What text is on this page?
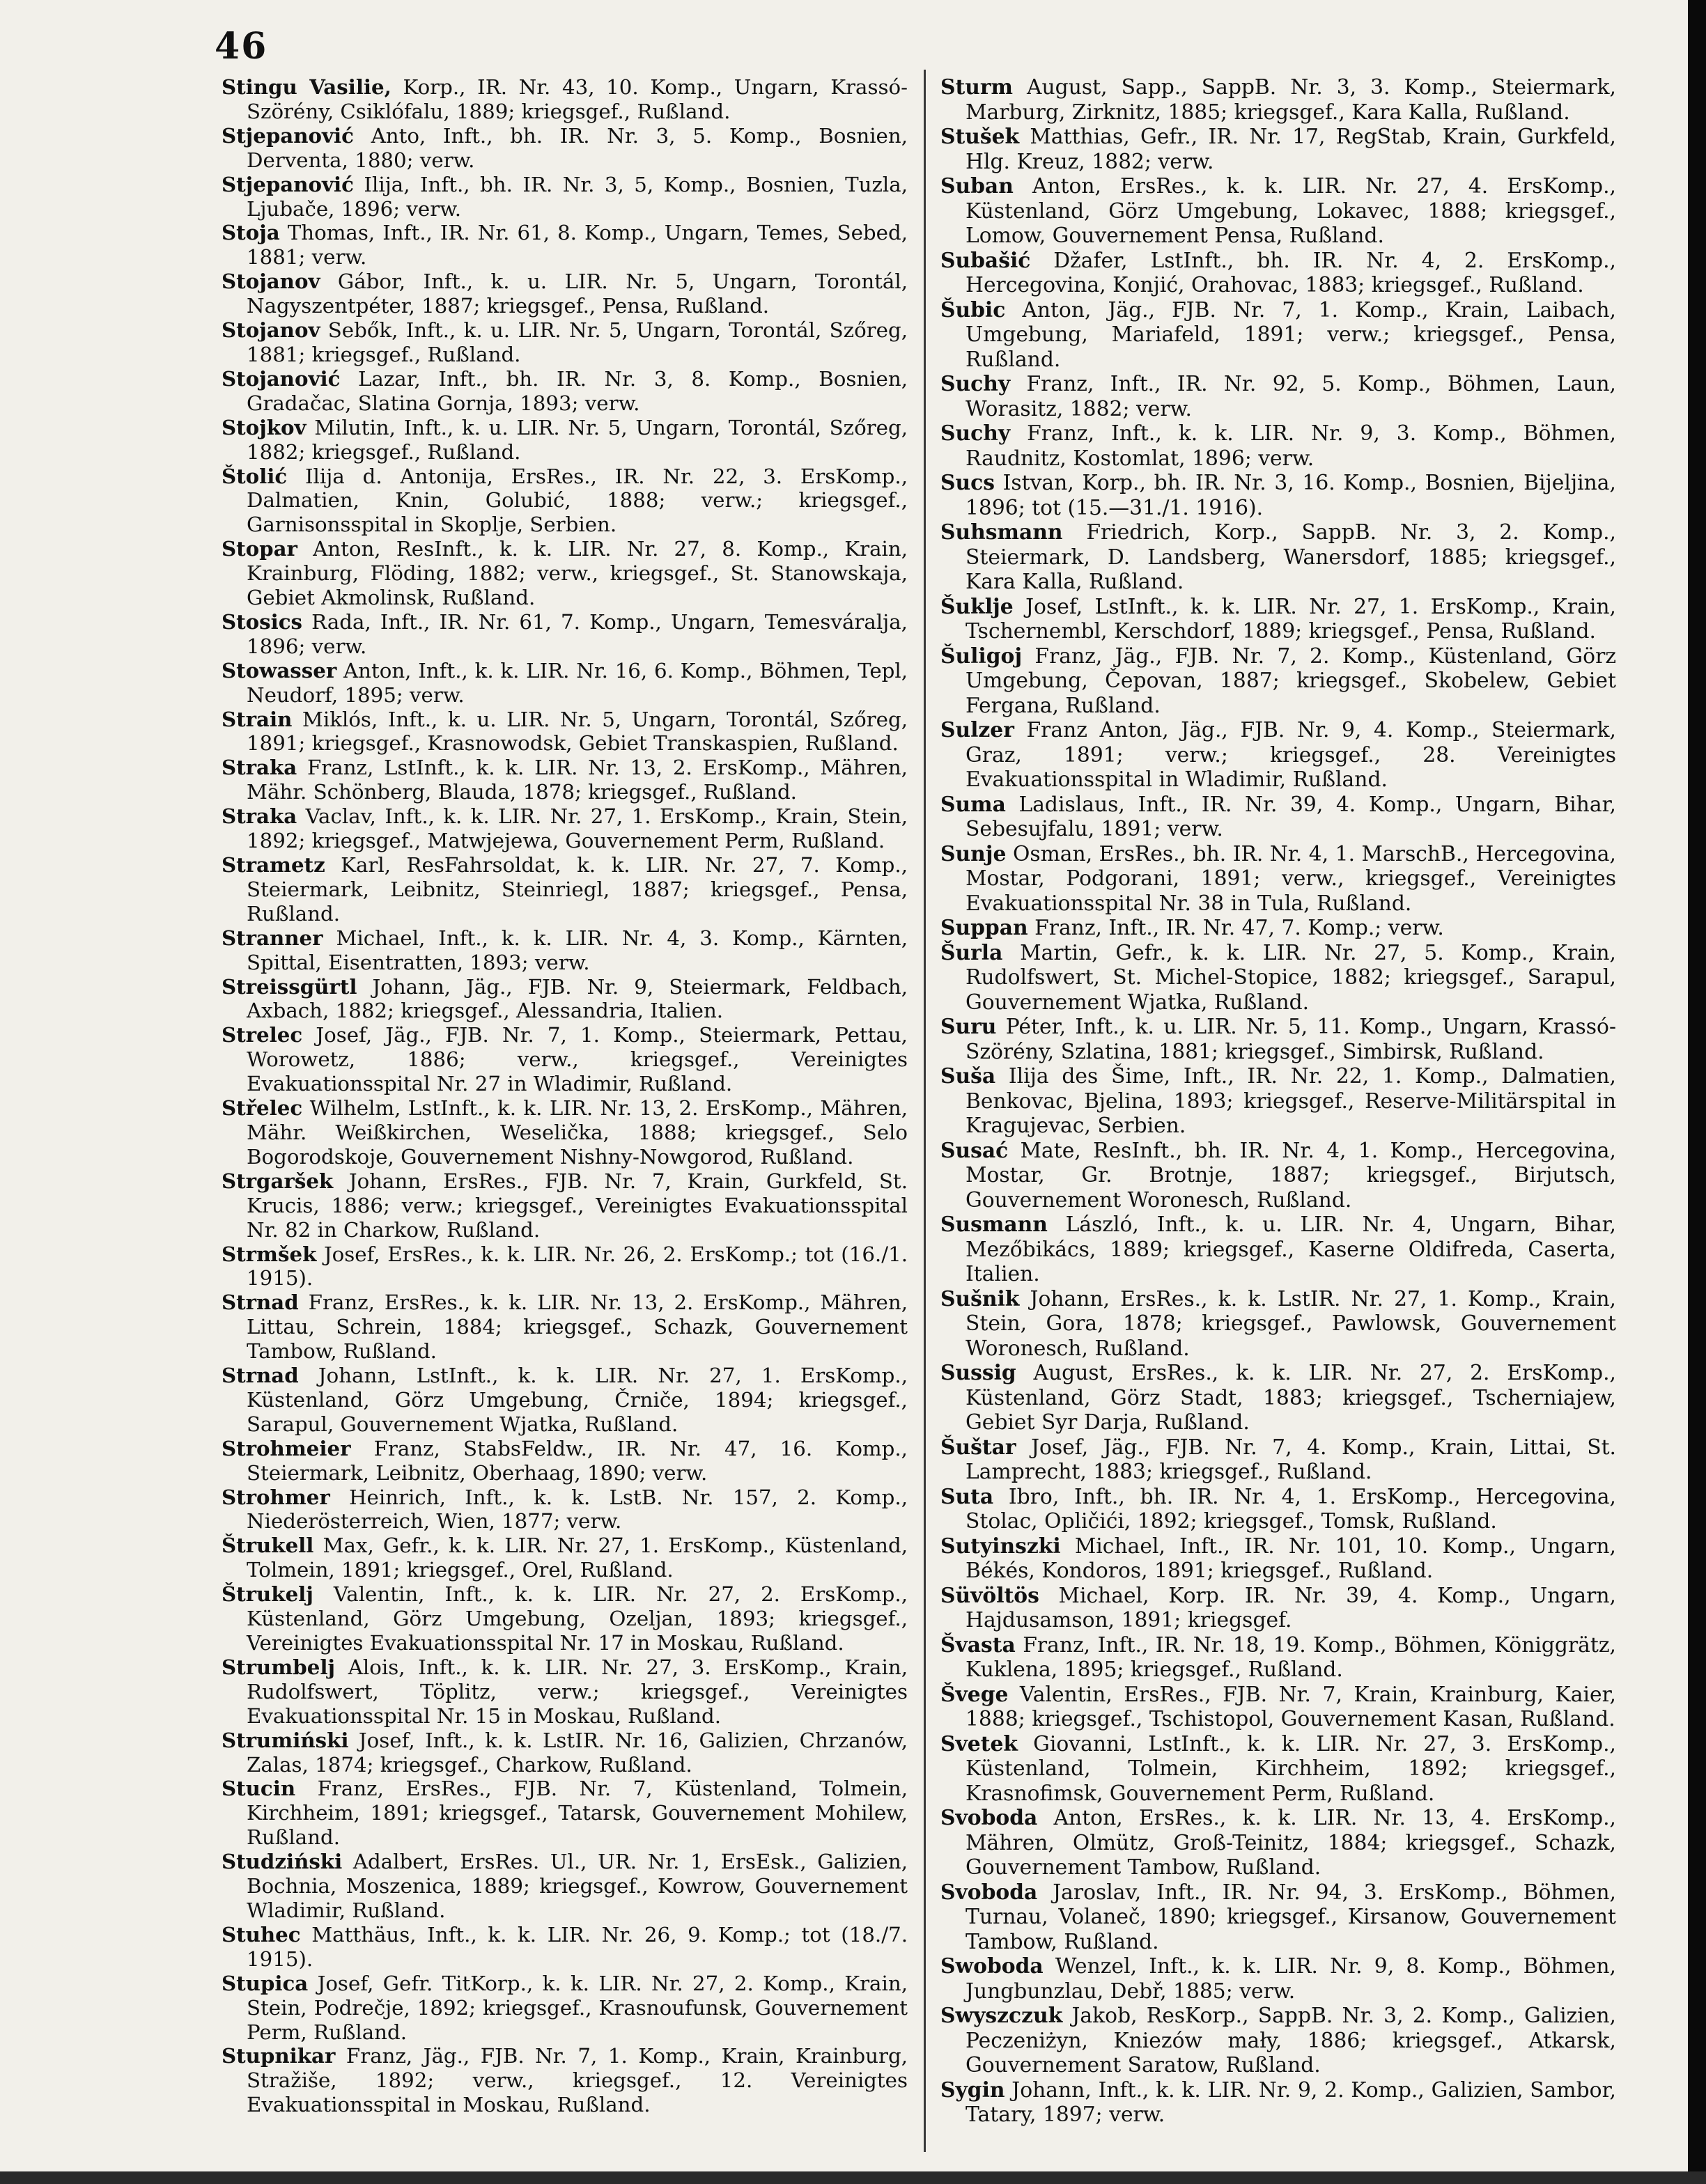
46

Stingu Vasilie, Korp., IR. Nr. 43, 10. Komp., Ungarn, Krassó-Szörény, Csiklófalu, 1889; kriegsgef., Rußland.

Stjepanović Anto, Inft., bh. IR. Nr. 3, 5. Komp., Bosnien, Derventa, 1880; verw.

Stjepanović Ilija, Inft., bh. IR. Nr. 3, 5, Komp., Bosnien, Tuzla, Ljubače, 1896; verw.

Stoja Thomas, Inft., IR. Nr. 61, 8. Komp., Ungarn, Temes, Sebed, 1881; verw.

Stojanov Gábor, Inft., k. u. LIR. Nr. 5, Ungarn, Torontál, Nagyszentpéter, 1887; kriegsgef., Pensa, Rußland.

Stojanov Sebők, Inft., k. u. LIR. Nr. 5, Ungarn, Torontál, Szőreg, 1881; kriegsgef., Rußland.

Stojanović Lazar, Inft., bh. IR. Nr. 3, 8. Komp., Bosnien, Gradačac, Slatina Gornja, 1893; verw.

Stojkov Milutin, Inft., k. u. LIR. Nr. 5, Ungarn, Torontál, Szőreg, 1882; kriegsgef., Rußland.

Štolić Ilija d. Antonija, ErsRes., IR. Nr. 22, 3. ErsKomp., Dalmatien, Knin, Golubić, 1888; verw.; kriegsgef., Garnisonsspital in Skoplje, Serbien.

Stopar Anton, ResInft., k. k. LIR. Nr. 27, 8. Komp., Krain, Krainburg, Flöding, 1882; verw., kriegsgef., St. Stanowskaja, Gebiet Akmolinsk, Rußland.

Stosics Rada, Inft., IR. Nr. 61, 7. Komp., Ungarn, Temesváralja, 1896; verw.

Stowasser Anton, Inft., k. k. LIR. Nr. 16, 6. Komp., Böhmen, Tepl, Neudorf, 1895; verw.

Strain Miklós, Inft., k. u. LIR. Nr. 5, Ungarn, Torontál, Szőreg, 1891; kriegsgef., Krasnowodsk, Gebiet Transkaspien, Rußland.

Straka Franz, LstInft., k. k. LIR. Nr. 13, 2. ErsKomp., Mähren, Mähr. Schönberg, Blauda, 1878; kriegsgef., Rußland.

Straka Vaclav, Inft., k. k. LIR. Nr. 27, 1. ErsKomp., Krain, Stein, 1892; kriegsgef., Matwjejewa, Gouvernement Perm, Rußland.

Strametz Karl, ResFahrsoldat, k. k. LIR. Nr. 27, 7. Komp., Steiermark, Leibnitz, Steinriegl, 1887; kriegsgef., Pensa, Rußland.

Stranner Michael, Inft., k. k. LIR. Nr. 4, 3. Komp., Kärnten, Spittal, Eisentratten, 1893; verw.

Streissgürtl Johann, Jäg., FJB. Nr. 9, Steiermark, Feldbach, Axbach, 1882; kriegsgef., Alessandria, Italien.

Strelec Josef, Jäg., FJB. Nr. 7, 1. Komp., Steiermark, Pettau, Worowetz, 1886; verw., kriegsgef., Vereinigtes Evakuationsspital Nr. 27 in Wladimir, Rußland.

Střelec Wilhelm, LstInft., k. k. LIR. Nr. 13, 2. ErsKomp., Mähren, Mähr. Weißkirchen, Weselička, 1888; kriegsgef., Selo Bogorodskoje, Gouvernement Nishny-Nowgorod, Rußland.

Strgaršek Johann, ErsRes., FJB. Nr. 7, Krain, Gurkfeld, St. Krucis, 1886; verw.; kriegsgef., Vereinigtes Evakuationsspital Nr. 82 in Charkow, Rußland.

Strmšek Josef, ErsRes., k. k. LIR. Nr. 26, 2. ErsKomp.; tot (16./1. 1915).

Strnad Franz, ErsRes., k. k. LIR. Nr. 13, 2. ErsKomp., Mähren, Littau, Schrein, 1884; kriegsgef., Schazk, Gouvernement Tambow, Rußland.

Strnad Johann, LstInft., k. k. LIR. Nr. 27, 1. ErsKomp., Küstenland, Görz Umgebung, Črniče, 1894; kriegsgef., Sarapul, Gouvernement Wjatka, Rußland.

Strohmeier Franz, StabsFeldw., IR. Nr. 47, 16. Komp., Steiermark, Leibnitz, Oberhaag, 1890; verw.

Strohmer Heinrich, Inft., k. k. LstB. Nr. 157, 2. Komp., Niederösterreich, Wien, 1877; verw.

Štrukell Max, Gefr., k. k. LIR. Nr. 27, 1. ErsKomp., Küstenland, Tolmein, 1891; kriegsgef., Orel, Rußland.

Štrukelj Valentin, Inft., k. k. LIR. Nr. 27, 2. ErsKomp., Küstenland, Görz Umgebung, Ozeljan, 1893; kriegsgef., Vereinigtes Evakuationsspital Nr. 17 in Moskau, Rußland.

Strumbelj Alois, Inft., k. k. LIR. Nr. 27, 3. ErsKomp., Krain, Rudolfswert, Töplitz, verw.; kriegsgef., Vereinigtes Evakuationsspital Nr. 15 in Moskau, Rußland.

Strumiński Josef, Inft., k. k. LstIR. Nr. 16, Galizien, Chrzanów, Zalas, 1874; kriegsgef., Charkow, Rußland.

Stucin Franz, ErsRes., FJB. Nr. 7, Küstenland, Tolmein, Kirchheim, 1891; kriegsgef., Tatarsk, Gouvernement Mohilew, Rußland.

Studziński Adalbert, ErsRes. Ul., UR. Nr. 1, ErsEsk., Galizien, Bochnia, Moszenica, 1889; kriegsgef., Kowrow, Gouvernement Wladimir, Rußland.

Stuhec Matthäus, Inft., k. k. LIR. Nr. 26, 9. Komp.; tot (18./7. 1915).

Stupica Josef, Gefr. TitKorp., k. k. LIR. Nr. 27, 2. Komp., Krain, Stein, Podrečje, 1892; kriegsgef., Krasnoufunsk, Gouvernement Perm, Rußland.

Stupnikar Franz, Jäg., FJB. Nr. 7, 1. Komp., Krain, Krainburg, Stražiše, 1892; verw., kriegsgef., 12. Vereinigtes Evakuationsspital in Moskau, Rußland.

Sturm August, Sapp., SappB. Nr. 3, 3. Komp., Steiermark, Marburg, Zirknitz, 1885; kriegsgef., Kara Kalla, Rußland.

Stušek Matthias, Gefr., IR. Nr. 17, RegStab, Krain, Gurkfeld, Hlg. Kreuz, 1882; verw.

Suban Anton, ErsRes., k. k. LIR. Nr. 27, 4. ErsKomp., Küstenland, Görz Umgebung, Lokavec, 1888; kriegsgef., Lomow, Gouvernement Pensa, Rußland.

Subašić Džafer, LstInft., bh. IR. Nr. 4, 2. ErsKomp., Hercegovina, Konjić, Orahovac, 1883; kriegsgef., Rußland.

Šubic Anton, Jäg., FJB. Nr. 7, 1. Komp., Krain, Laibach, Umgebung, Mariafeld, 1891; verw.; kriegsgef., Pensa, Rußland.

Suchy Franz, Inft., IR. Nr. 92, 5. Komp., Böhmen, Laun, Worasitz, 1882; verw.

Suchy Franz, Inft., k. k. LIR. Nr. 9, 3. Komp., Böhmen, Raudnitz, Kostomlat, 1896; verw.

Sucs Istvan, Korp., bh. IR. Nr. 3, 16. Komp., Bosnien, Bijeljina, 1896; tot (15.—31./1. 1916).

Suhsmann Friedrich, Korp., SappB. Nr. 3, 2. Komp., Steiermark, D. Landsberg, Wanersdorf, 1885; kriegsgef., Kara Kalla, Rußland.

Šuklje Josef, LstInft., k. k. LIR. Nr. 27, 1. ErsKomp., Krain, Tschernembl, Kerschdorf, 1889; kriegsgef., Pensa, Rußland.

Šuligoj Franz, Jäg., FJB. Nr. 7, 2. Komp., Küstenland, Görz Umgebung, Čepovan, 1887; kriegsgef., Skobelew, Gebiet Fergana, Rußland.

Sulzer Franz Anton, Jäg., FJB. Nr. 9, 4. Komp., Steiermark, Graz, 1891; verw.; kriegsgef., 28. Vereinigtes Evakuationsspital in Wladimir, Rußland.

Suma Ladislaus, Inft., IR. Nr. 39, 4. Komp., Ungarn, Bihar, Sebesujfalu, 1891; verw.

Sunje Osman, ErsRes., bh. IR. Nr. 4, 1. MarschB., Hercegovina, Mostar, Podgorani, 1891; verw., kriegsgef., Vereinigtes Evakuationsspital Nr. 38 in Tula, Rußland.

Suppan Franz, Inft., IR. Nr. 47, 7. Komp.; verw.

Šurla Martin, Gefr., k. k. LIR. Nr. 27, 5. Komp., Krain, Rudolfswert, St. Michel-Stopice, 1882; kriegsgef., Sarapul, Gouvernement Wjatka, Rußland.

Suru Péter, Inft., k. u. LIR. Nr. 5, 11. Komp., Ungarn, Krassó-Szörény, Szlatina, 1881; kriegsgef., Simbirsk, Rußland.

Suša Ilija des Šime, Inft., IR. Nr. 22, 1. Komp., Dalmatien, Benkovac, Bjelina, 1893; kriegsgef., Reserve-Militärspital in Kragujevac, Serbien.

Susać Mate, ResInft., bh. IR. Nr. 4, 1. Komp., Hercegovina, Mostar, Gr. Brotnje, 1887; kriegsgef., Birjutsch, Gouvernement Woronesch, Rußland.

Susmann László, Inft., k. u. LIR. Nr. 4, Ungarn, Bihar, Mezőbikács, 1889; kriegsgef., Kaserne Oldifreda, Caserta, Italien.

Sušnik Johann, ErsRes., k. k. LstIR. Nr. 27, 1. Komp., Krain, Stein, Gora, 1878; kriegsgef., Pawlowsk, Gouvernement Woronesch, Rußland.

Sussig August, ErsRes., k. k. LIR. Nr. 27, 2. ErsKomp., Küstenland, Görz Stadt, 1883; kriegsgef., Tscherniajew, Gebiet Syr Darja, Rußland.

Šuštar Josef, Jäg., FJB. Nr. 7, 4. Komp., Krain, Littai, St. Lamprecht, 1883; kriegsgef., Rußland.

Suta Ibro, Inft., bh. IR. Nr. 4, 1. ErsKomp., Hercegovina, Stolac, Opličići, 1892; kriegsgef., Tomsk, Rußland.

Sutyinszki Michael, Inft., IR. Nr. 101, 10. Komp., Ungarn, Békés, Kondoros, 1891; kriegsgef., Rußland.

Süvöltös Michael, Korp. IR. Nr. 39, 4. Komp., Ungarn, Hajdusamson, 1891; kriegsgef.

Švasta Franz, Inft., IR. Nr. 18, 19. Komp., Böhmen, Königgrätz, Kuklena, 1895; kriegsgef., Rußland.

Švege Valentin, ErsRes., FJB. Nr. 7, Krain, Krainburg, Kaier, 1888; kriegsgef., Tschistopol, Gouvernement Kasan, Rußland.

Svetek Giovanni, LstInft., k. k. LIR. Nr. 27, 3. ErsKomp., Küstenland, Tolmein, Kirchheim, 1892; kriegsgef., Krasnofimsk, Gouvernement Perm, Rußland.

Svoboda Anton, ErsRes., k. k. LIR. Nr. 13, 4. ErsKomp., Mähren, Olmütz, Groß-Teinitz, 1884; kriegsgef., Schazk, Gouvernement Tambow, Rußland.

Svoboda Jaroslav, Inft., IR. Nr. 94, 3. ErsKomp., Böhmen, Turnau, Volaneč, 1890; kriegsgef., Kirsanow, Gouvernement Tambow, Rußland.

Swoboda Wenzel, Inft., k. k. LIR. Nr. 9, 8. Komp., Böhmen, Jungbunzlau, Debř, 1885; verw.

Swyszczuk Jakob, ResKorp., SappB. Nr. 3, 2. Komp., Galizien, Peczeniżyn, Kniezów mały, 1886; kriegsgef., Atkarsk, Gouvernement Saratow, Rußland.

Sygin Johann, Inft., k. k. LIR. Nr. 9, 2. Komp., Galizien, Sambor, Tatary, 1897; verw.
